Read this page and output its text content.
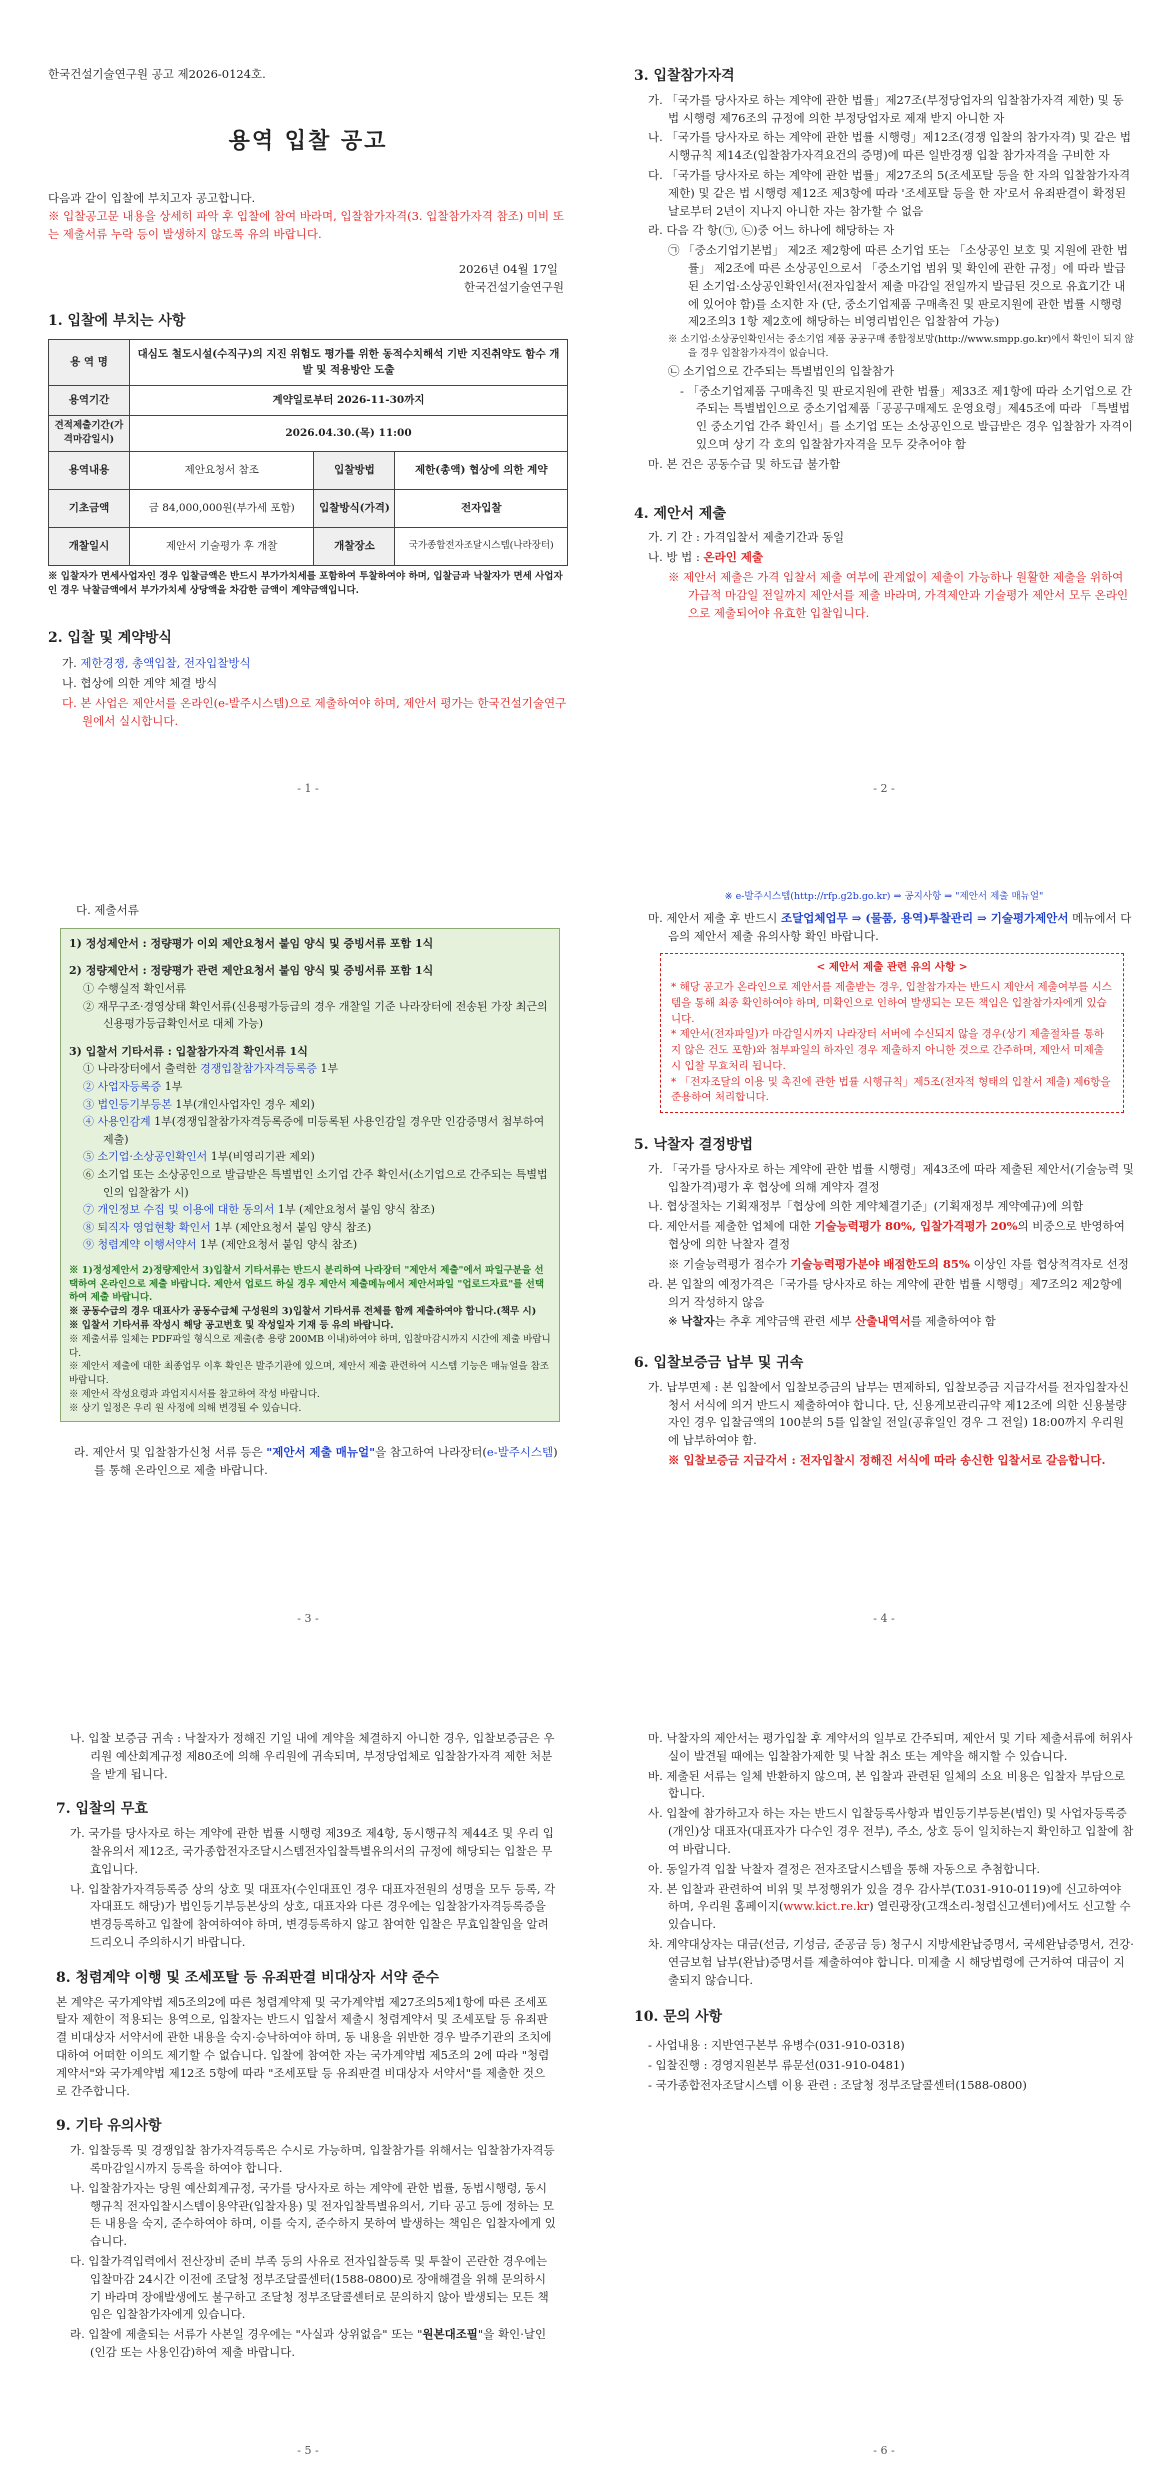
한국건설기술연구원 공고 제2026-0124호.
용역 입찰 공고
다음과 같이 입찰에 부치고자 공고합니다.
※ 입찰공고문 내용을 상세히 파악 후 입찰에 참여 바라며, 입찰참가자격(3. 입찰참가자격 참조) 미비 또는 제출서류 누락 등이 발생하지 않도록 유의 바랍니다.
2026년 04월 17일
한국건설기술연구원
1. 입찰에 부치는 사항
용 역 명	대심도 철도시설(수직구)의 지진 위험도 평가를 위한 동적수치해석 기반 지진취약도 함수 개발 및 적용방안 도출		
용역기간	계약일로부터 2026-11-30까지		
견적제출기간(가격마감일시)	2026.04.30.(목) 11:00		
용역내용	제안요청서 참조	입찰방법	제한(총액) 협상에 의한 계약
기초금액	금 84,000,000원(부가세 포함)	입찰방식(가격)	전자입찰
개찰일시	제안서 기술평가 후 개찰	개찰장소	국가종합전자조달시스템(나라장터)
※ 입찰자가 면세사업자인 경우 입찰금액은 반드시 부가가치세를 포함하여 투찰하여야 하며, 입찰금과 낙찰자가 면세 사업자인 경우 낙찰금액에서 부가가치세 상당액을 차감한 금액이 계약금액입니다.
2. 입찰 및 계약방식
가. 제한경쟁, 총액입찰, 전자입찰방식
나. 협상에 의한 계약 체결 방식
다. 본 사업은 제안서를 온라인(e-발주시스템)으로 제출하여야 하며, 제안서 평가는 한국건설기술연구원에서 실시합니다.
- 1 -
3. 입찰참가자격
가. 「국가를 당사자로 하는 계약에 관한 법률」제27조(부정당업자의 입찰참가자격 제한) 및 동법 시행령 제76조의 규정에 의한 부정당업자로 제재 받지 아니한 자
나. 「국가를 당사자로 하는 계약에 관한 법률 시행령」제12조(경쟁 입찰의 참가자격) 및 같은 법 시행규칙 제14조(입찰참가자격요건의 증명)에 따른 일반경쟁 입찰 참가자격을 구비한 자
다. 「국가를 당사자로 하는 계약에 관한 법률」제27조의 5(조세포탈 등을 한 자의 입찰참가자격 제한) 및 같은 법 시행령 제12조 제3항에 따라 '조세포탈 등을 한 자'로서 유죄판결이 확정된 날로부터 2년이 지나지 아니한 자는 참가할 수 없음
라. 다음 각 항(㉠, ㉡)중 어느 하나에 해당하는 자
㉠ 「중소기업기본법」 제2조 제2항에 따른 소기업 또는 「소상공인 보호 및 지원에 관한 법률」 제2조에 따른 소상공인으로서 「중소기업 범위 및 확인에 관한 규정」에 따라 발급된 소기업·소상공인확인서(전자입찰서 제출 마감일 전일까지 발급된 것으로 유효기간 내에 있어야 함)를 소지한 자 (단, 중소기업제품 구매촉진 및 판로지원에 관한 법률 시행령 제2조의3 1항 제2호에 해당하는 비영리법인은 입찰참여 가능)
※ 소기업·소상공인확인서는 중소기업 제품 공공구매 종합정보망(http://www.smpp.go.kr)에서 확인이 되지 않을 경우 입찰참가자격이 없습니다.
㉡ 소기업으로 간주되는 특별법인의 입찰참가
- 「중소기업제품 구매촉진 및 판로지원에 관한 법률」제33조 제1항에 따라 소기업으로 간주되는 특별법인으로 중소기업제품「공공구매제도 운영요령」제45조에 따라 「특별법인 중소기업 간주 확인서」를 소기업 또는 소상공인으로 발급받은 경우 입찰참가 자격이 있으며 상기 각 호의 입찰참가자격을 모두 갖추어야 함
마. 본 건은 공동수급 및 하도급 불가함
4. 제안서 제출
가. 기 간 : 가격입찰서 제출기간과 동일
나. 방 법 : 온라인 제출
※ 제안서 제출은 가격 입찰서 제출 여부에 관계없이 제출이 가능하나 원활한 제출을 위하여 가급적 마감일 전일까지 제안서를 제출 바라며, 가격제안과 기술평가 제안서 모두 온라인으로 제출되어야 유효한 입찰입니다.
- 2 -
다. 제출서류
1) 정성제안서 : 정량평가 이외 제안요청서 붙임 양식 및 증빙서류 포함 1식
2) 정량제안서 : 정량평가 관련 제안요청서 붙임 양식 및 증빙서류 포함 1식
① 수행실적 확인서류
② 재무구조·경영상태 확인서류(신용평가등급의 경우 개찰일 기준 나라장터에 전송된 가장 최근의 신용평가등급확인서로 대체 가능)
3) 입찰서 기타서류 : 입찰참가자격 확인서류 1식
① 나라장터에서 출력한 경쟁입찰참가자격등록증 1부
② 사업자등록증 1부
③ 법인등기부등본 1부(개인사업자인 경우 제외)
④ 사용인감계 1부(경쟁입찰참가자격등록증에 미등록된 사용인감일 경우만 인감증명서 첨부하여 제출)
⑤ 소기업·소상공인확인서 1부(비영리기관 제외)
⑥ 소기업 또는 소상공인으로 발급받은 특별법인 소기업 간주 확인서(소기업으로 간주되는 특별법인의 입찰참가 시)
⑦ 개인정보 수집 및 이용에 대한 동의서 1부 (제안요청서 붙임 양식 참조)
⑧ 퇴직자 영업현황 확인서 1부 (제안요청서 붙임 양식 참조)
⑨ 청렴계약 이행서약서 1부 (제안요청서 붙임 양식 참조)
※ 1)정성제안서 2)정량제안서 3)입찰서 기타서류는 반드시 분리하여 나라장터 "제안서 제출"에서 파일구분을 선택하여 온라인으로 제출 바랍니다. 제안서 업로드 하실 경우 제안서 제출메뉴에서 제안서파일 "업로드자료"를 선택하여 제출 바랍니다.
※ 공동수급의 경우 대표사가 공동수급체 구성원의 3)입찰서 기타서류 전체를 함께 제출하여야 합니다.(책무 시)
※ 입찰서 기타서류 작성시 해당 공고번호 및 작성일자 기재 등 유의 바랍니다.
※ 제출서류 일체는 PDF파일 형식으로 제출(총 용량 200MB 이내)하여야 하며, 입찰마감시까지 시간에 제출 바랍니다.
※ 제안서 제출에 대한 최종업무 이후 확인은 발주기관에 있으며, 제안서 제출 관련하여 시스템 기능은 매뉴얼을 참조 바랍니다.
※ 제안서 작성요령과 과업지시서를 참고하여 작성 바랍니다.
※ 상기 일정은 우리 원 사정에 의해 변경될 수 있습니다.
라. 제안서 및 입찰참가신청 서류 등은 "제안서 제출 매뉴얼"을 참고하여 나라장터(e-발주시스템)를 통해 온라인으로 제출 바랍니다.
- 3 -
※ e-발주시스템(http://rfp.g2b.go.kr) ⇒ 공지사항 ⇒ "제안서 제출 매뉴얼"
마. 제안서 제출 후 반드시 조달업체업무 ⇒ (물품, 용역)투찰관리 ⇒ 기술평가제안서 메뉴에서 다음의 제안서 제출 유의사항 확인 바랍니다.
< 제안서 제출 관련 유의 사항 >
* 해당 공고가 온라인으로 제안서를 제출받는 경우, 입찰참가자는 반드시 제안서 제출여부를 시스템을 통해 최종 확인하여야 하며, 미확인으로 인하여 발생되는 모든 책임은 입찰참가자에게 있습니다.
* 제안서(전자파일)가 마감일시까지 나라장터 서버에 수신되지 않을 경우(상기 제출절차를 통하지 않은 건도 포함)와 첨부파일의 하자인 경우 제출하지 아니한 것으로 간주하며, 제안서 미제출 시 입찰 무효처리 됩니다.
* 「전자조달의 이용 및 촉진에 관한 법률 시행규칙」제5조(전자적 형태의 입찰서 제출) 제6항을 준용하여 처리합니다.
5. 낙찰자 결정방법
가. 「국가를 당사자로 하는 계약에 관한 법률 시행령」제43조에 따라 제출된 제안서(기술능력 및 입찰가격)평가 후 협상에 의해 계약자 결정
나. 협상절차는 기획재정부「협상에 의한 계약체결기준」(기획재정부 계약예규)에 의함
다. 제안서를 제출한 업체에 대한 기술능력평가 80%, 입찰가격평가 20%의 비중으로 반영하여 협상에 의한 낙찰자 결정
※ 기술능력평가 점수가 기술능력평가분야 배점한도의 85% 이상인 자를 협상적격자로 선정
라. 본 입찰의 예정가격은「국가를 당사자로 하는 계약에 관한 법률 시행령」제7조의2 제2항에 의거 작성하지 않음
※ 낙찰자는 추후 계약금액 관련 세부 산출내역서를 제출하여야 함
6. 입찰보증금 납부 및 귀속
가. 납부면제 : 본 입찰에서 입찰보증금의 납부는 면제하되, 입찰보증금 지급각서를 전자입찰자신청서 서식에 의거 반드시 제출하여야 합니다. 단, 신용게보관리규약 제12조에 의한 신용불량자인 경우 입찰금액의 100분의 5를 입찰일 전일(공휴일인 경우 그 전일) 18:00까지 우리원에 납부하여야 함.
※ 입찰보증금 지급각서 : 전자입찰시 정해진 서식에 따라 송신한 입찰서로 갈음합니다.
- 4 -
나. 입찰 보증금 귀속 : 낙찰자가 정해진 기일 내에 계약을 체결하지 아니한 경우, 입찰보증금은 우리원 예산회계규정 제80조에 의해 우리원에 귀속되며, 부정당업체로 입찰참가자격 제한 처분을 받게 됩니다.
7. 입찰의 무효
가. 국가를 당사자로 하는 계약에 관한 법률 시행령 제39조 제4항, 동시행규칙 제44조 및 우리 입찰유의서 제12조, 국가종합전자조달시스템전자입찰특별유의서의 규정에 해당되는 입찰은 무효입니다.
나. 입찰참가자격등록증 상의 상호 및 대표자(수인대표인 경우 대표자전원의 성명을 모두 등록, 각자대표도 해당)가 법인등기부등본상의 상호, 대표자와 다른 경우에는 입찰참가자격등록증을 변경등록하고 입찰에 참여하여야 하며, 변경등록하지 않고 참여한 입찰은 무효입찰임을 알려드리오니 주의하시기 바랍니다.
8. 청렴계약 이행 및 조세포탈 등 유죄판결 비대상자 서약 준수
본 계약은 국가계약법 제5조의2에 따른 청렴계약제 및 국가계약법 제27조의5제1항에 따른 조세포탈자 제한이 적용되는 용역으로, 입찰자는 반드시 입찰서 제출시 청렴계약서 및 조세포탈 등 유죄판결 비대상자 서약서에 관한 내용을 숙지·승낙하여야 하며, 동 내용을 위반한 경우 발주기관의 조치에 대하여 어떠한 이의도 제기할 수 없습니다. 입찰에 참여한 자는 국가계약법 제5조의 2에 따라 "청렴계약서"와 국가계약법 제12조 5항에 따라 "조세포탈 등 유죄판결 비대상자 서약서"를 제출한 것으로 간주합니다.
9. 기타 유의사항
가. 입찰등록 및 경쟁입찰 참가자격등록은 수시로 가능하며, 입찰참가를 위해서는 입찰참가자격등록마감일시까지 등록을 하여야 합니다.
나. 입찰참가자는 당원 예산회계규정, 국가를 당사자로 하는 계약에 관한 법률, 동법시행령, 동시행규칙 전자입찰시스템이용약관(입찰자용) 및 전자입찰특별유의서, 기타 공고 등에 정하는 모든 내용을 숙지, 준수하여야 하며, 이를 숙지, 준수하지 못하여 발생하는 책임은 입찰자에게 있습니다.
다. 입찰가격입력에서 전산장비 준비 부족 등의 사유로 전자입찰등록 및 투찰이 곤란한 경우에는 입찰마감 24시간 이전에 조달청 정부조달콜센터(1588-0800)로 장애해결을 위해 문의하시기 바라며 장애발생에도 불구하고 조달청 정부조달콜센터로 문의하지 않아 발생되는 모든 책임은 입찰참가자에게 있습니다.
라. 입찰에 제출되는 서류가 사본일 경우에는 "사실과 상위없음" 또는 "원본대조필"을 확인·날인(인감 또는 사용인감)하여 제출 바랍니다.
- 5 -
마. 낙찰자의 제안서는 평가입찰 후 계약서의 일부로 간주되며, 제안서 및 기타 제출서류에 허위사실이 발견될 때에는 입찰참가제한 및 낙찰 취소 또는 계약을 해지할 수 있습니다.
바. 제출된 서류는 일체 반환하지 않으며, 본 입찰과 관련된 일체의 소요 비용은 입찰자 부담으로 합니다.
사. 입찰에 참가하고자 하는 자는 반드시 입찰등록사항과 법인등기부등본(법인) 및 사업자등록증(개인)상 대표자(대표자가 다수인 경우 전부), 주소, 상호 등이 일치하는지 확인하고 입찰에 참여 바랍니다.
아. 동일가격 입찰 낙찰자 결정은 전자조달시스템을 통해 자동으로 추첨합니다.
자. 본 입찰과 관련하여 비위 및 부정행위가 있을 경우 감사부(T.031-910-0119)에 신고하여야 하며, 우리원 홈페이지(www.kict.re.kr) 열린광장(고객소리-청렴신고센터)에서도 신고할 수 있습니다.
차. 계약대상자는 대금(선금, 기성금, 준공금 등) 청구시 지방세완납증명서, 국세완납증명서, 건강·연금보험 납부(완납)증명서를 제출하여야 합니다. 미제출 시 해당법령에 근거하여 대금이 지출되지 않습니다.
10. 문의 사항
- 사업내용 : 지반연구본부 유병수(031-910-0318)
- 입찰진행 : 경영지원본부 류문선(031-910-0481)
- 국가종합전자조달시스템 이용 관련 : 조달청 정부조달콜센터(1588-0800)
- 6 -
